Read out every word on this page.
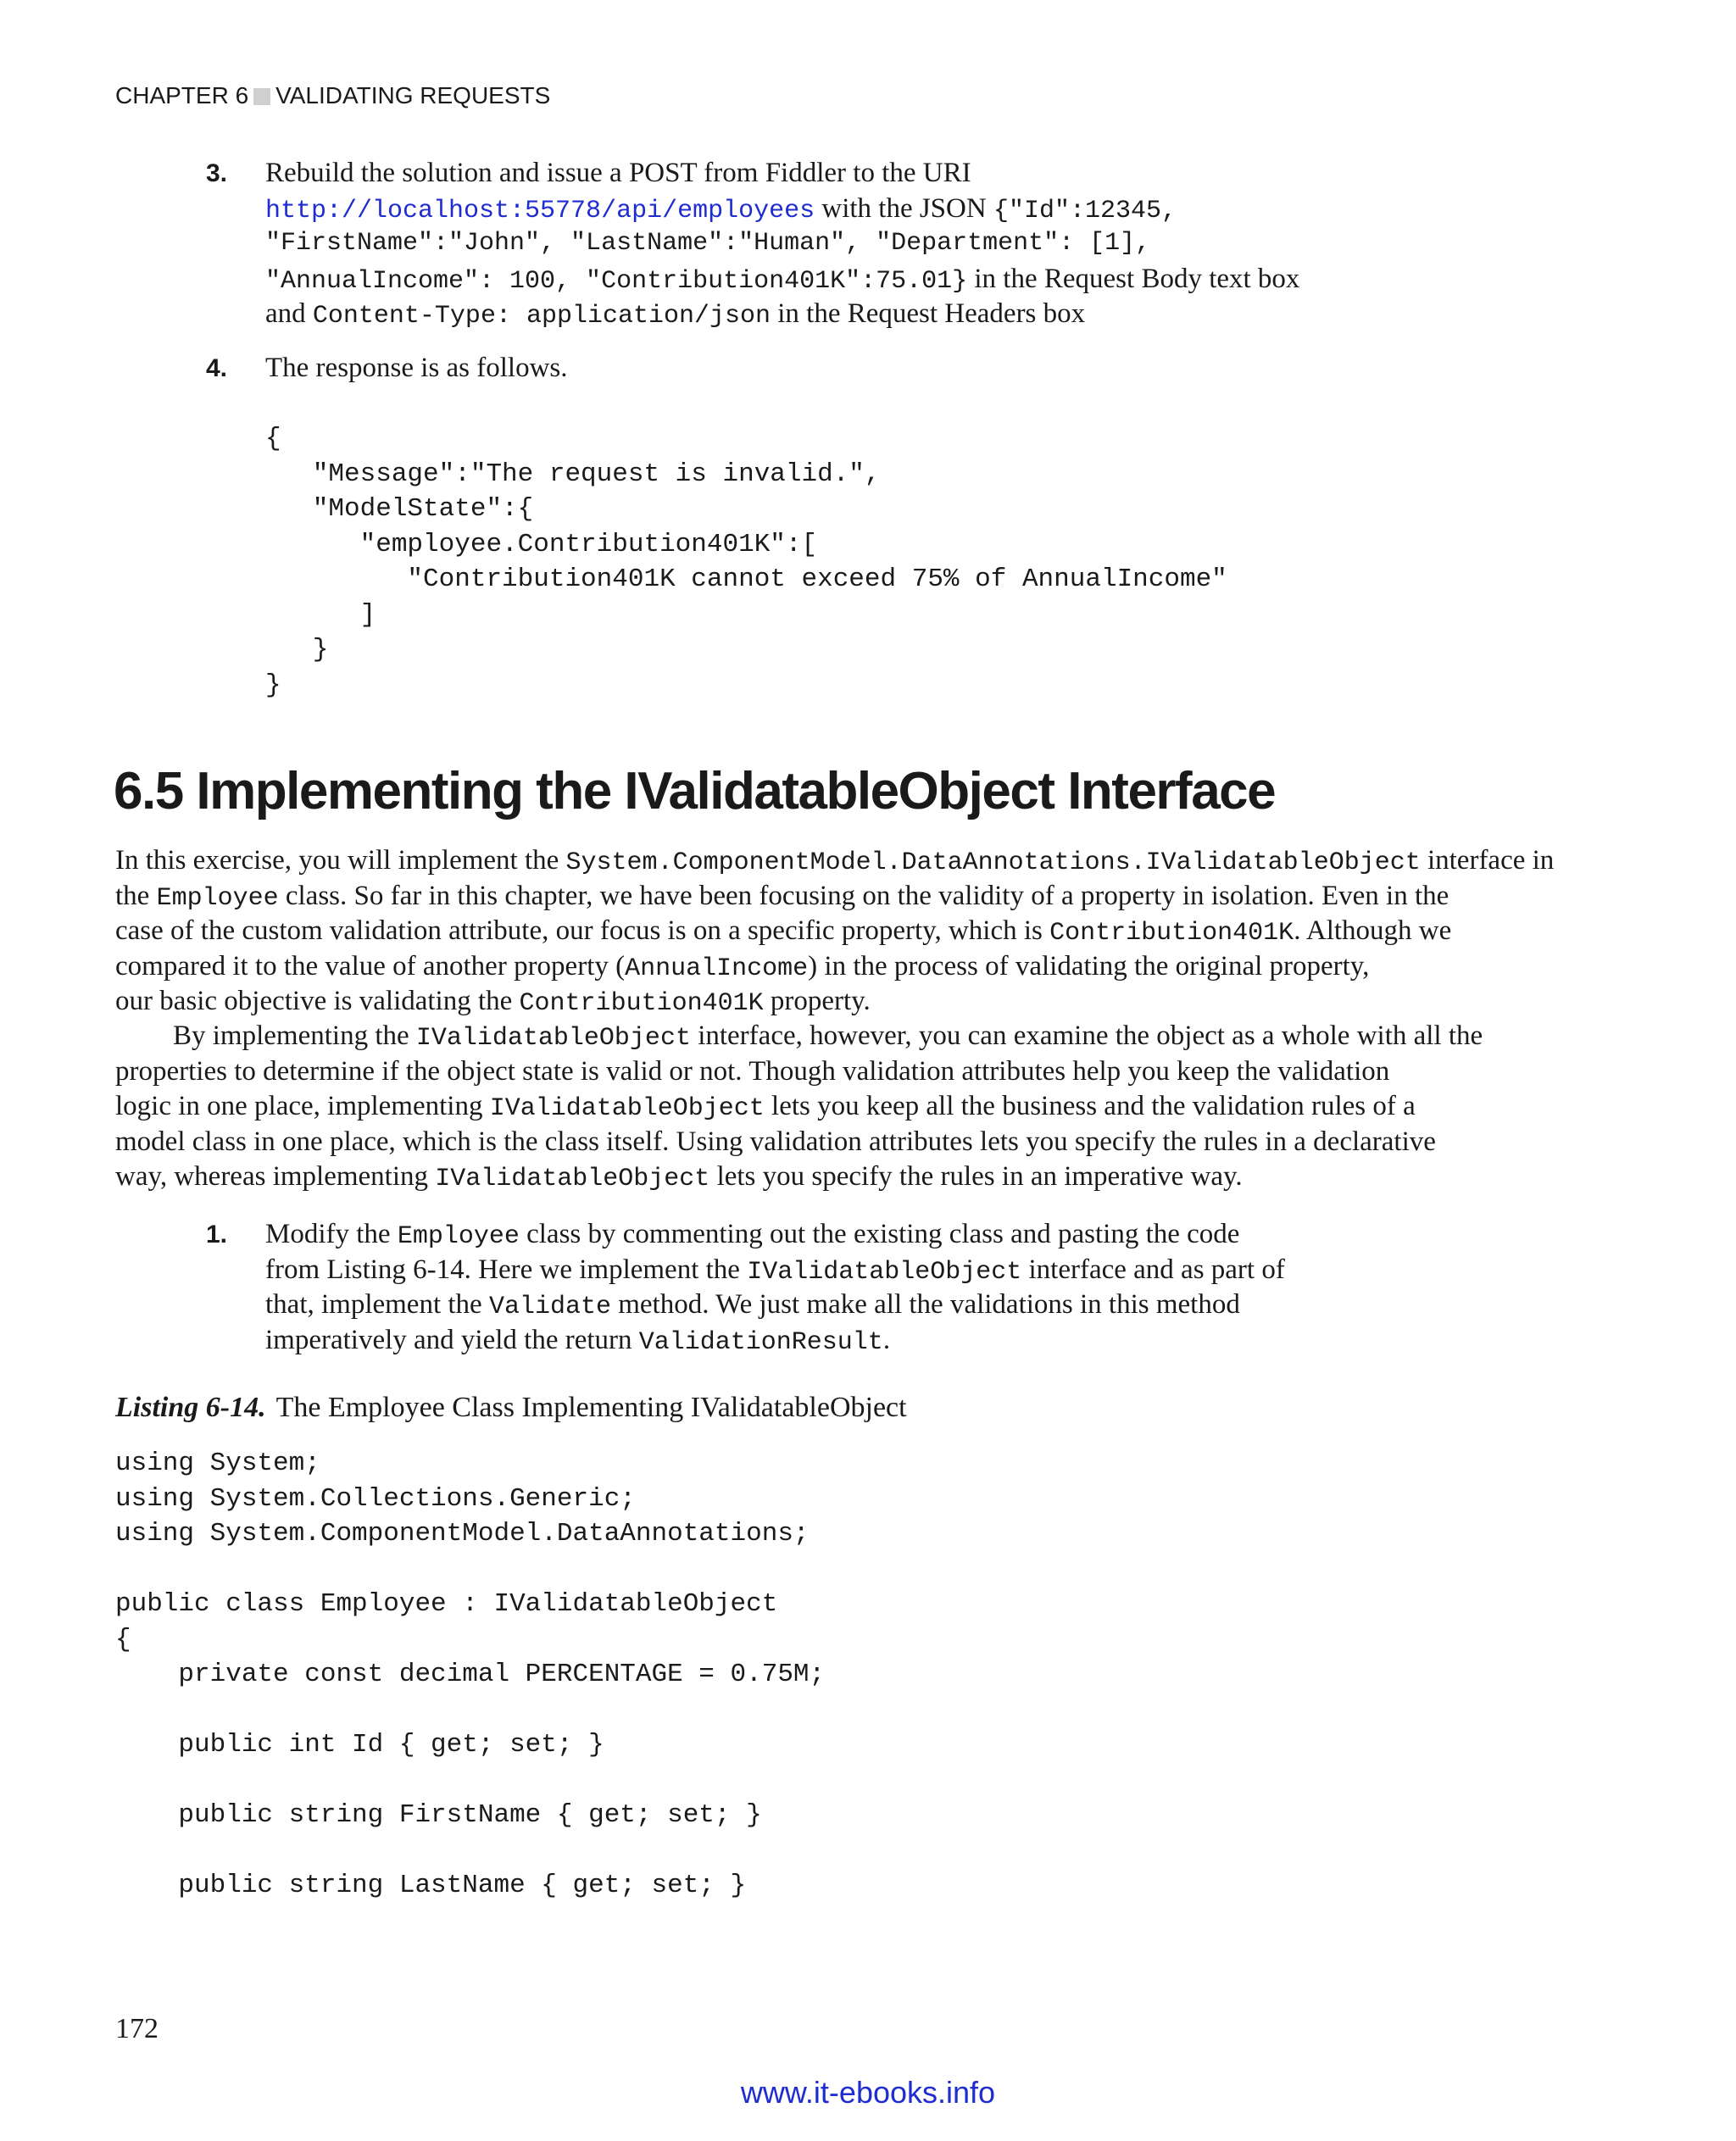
CHAPTER 6 VALIDATING REQUESTS
3. Rebuild the solution and issue a POST from Fiddler to the URI
http://localhost:55778/api/employees with the JSON {"Id":12345,
"FirstName":"John", "LastName":"Human", "Department": [1],
"AnnualIncome": 100, "Contribution401K":75.01} in the Request Body text box
and Content-Type: application/json in the Request Headers box
4. The response is as follows.
{
"Message":"The request is invalid.",
"ModelState":{
"employee.Contribution401K":[
"Contribution401K cannot exceed 75% of AnnualIncome"
]
}
}
6.5 Implementing the IValidatableObject Interface
In this exercise, you will implement the System.ComponentModel.DataAnnotations.IValidatableObject interface in
the Employee class. So far in this chapter, we have been focusing on the validity of a property in isolation. Even in the
case of the custom validation attribute, our focus is on a specific property, which is Contribution401K. Although we
compared it to the value of another property (AnnualIncome) in the process of validating the original property,
our basic objective is validating the Contribution401K property.
By implementing the IValidatableObject interface, however, you can examine the object as a whole with all the
properties to determine if the object state is valid or not. Though validation attributes help you keep the validation
logic in one place, implementing IValidatableObject lets you keep all the business and the validation rules of a
model class in one place, which is the class itself. Using validation attributes lets you specify the rules in a declarative
way, whereas implementing IValidatableObject lets you specify the rules in an imperative way.
1. Modify the Employee class by commenting out the existing class and pasting the code
from Listing 6-14. Here we implement the IValidatableObject interface and as part of
that, implement the Validate method. We just make all the validations in this method
imperatively and yield the return ValidationResult.
Listing 6-14. The Employee Class Implementing IValidatableObject
using System;
using System.Collections.Generic;
using System.ComponentModel.DataAnnotations;

public class Employee : IValidatableObject
{
private const decimal PERCENTAGE = 0.75M;

public int Id { get; set; }

public string FirstName { get; set; }

public string LastName { get; set; }
172
www.it-ebooks.info
